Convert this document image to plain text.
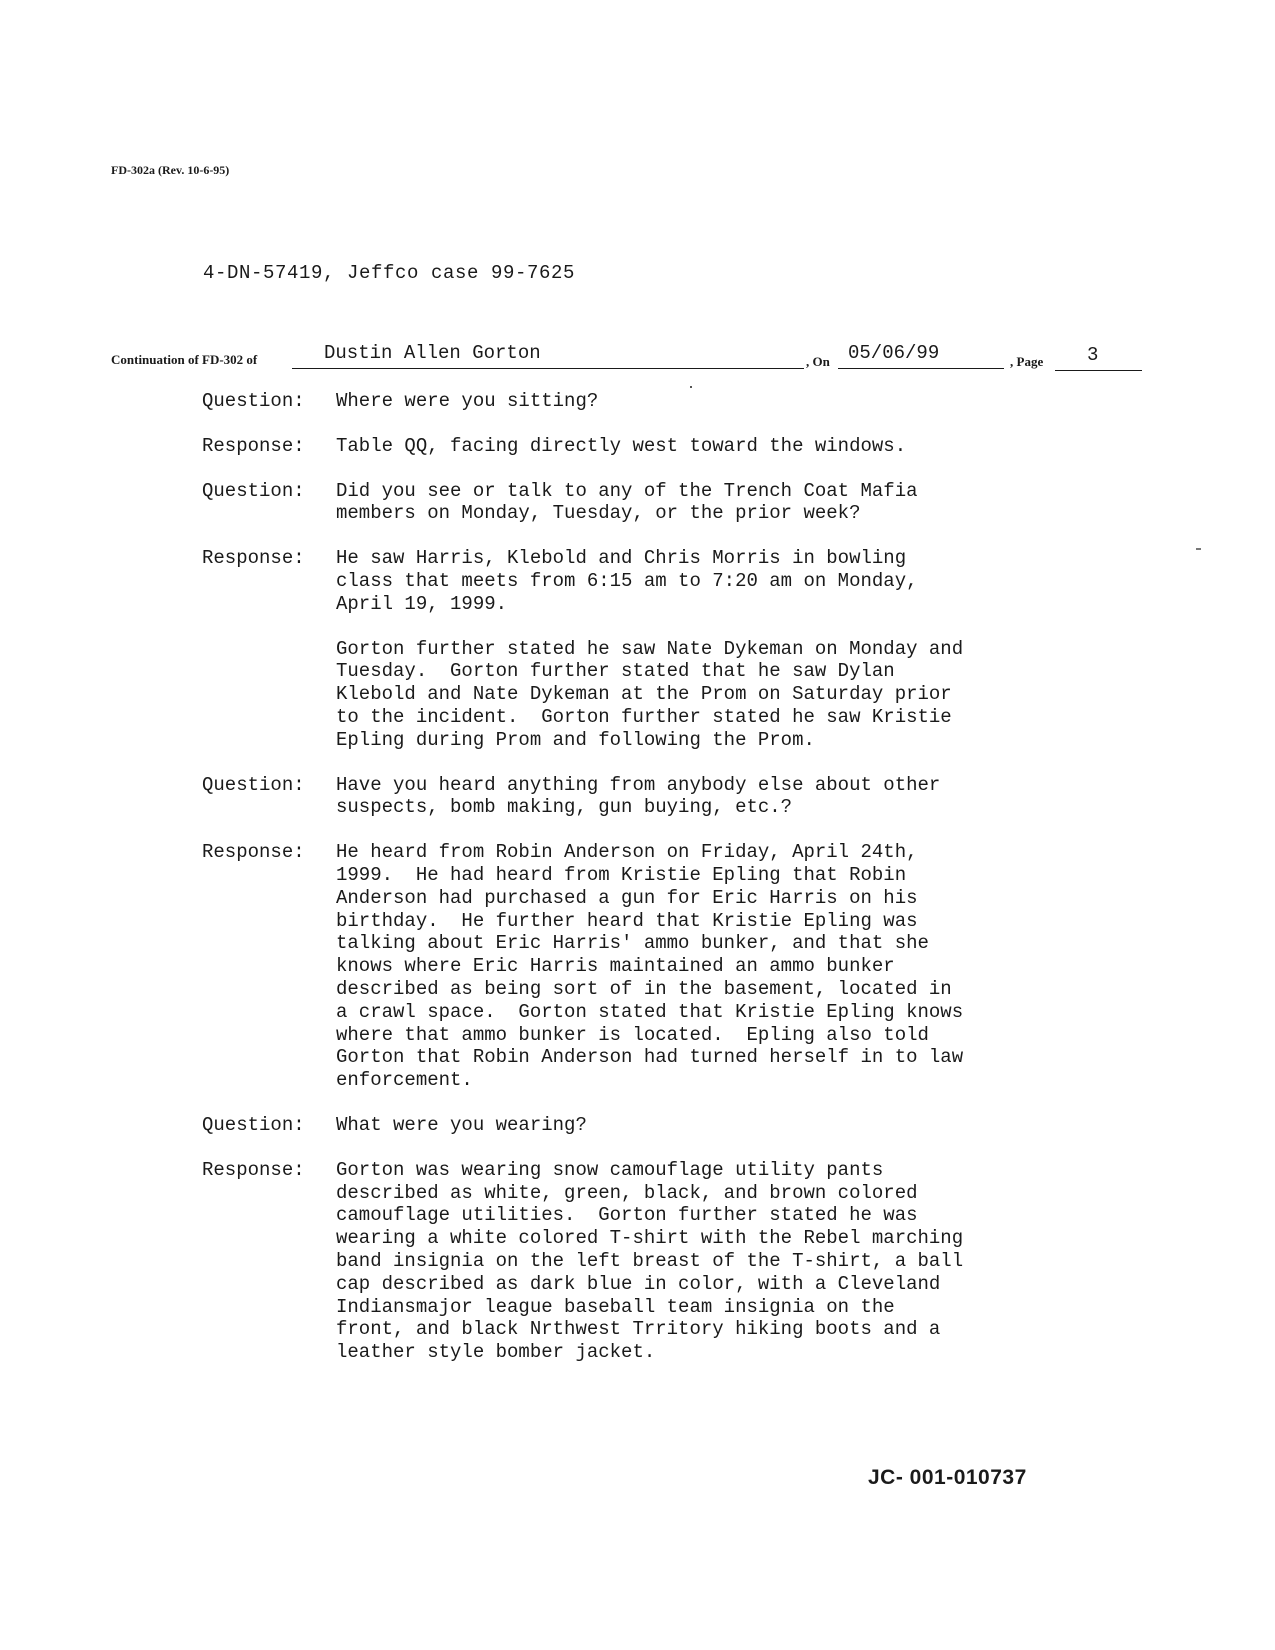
FD-302a (Rev. 10-6-95)
4-DN-57419, Jeffco case 99-7625
Continuation of FD-302 of	Dustin Allen Gorton	, On 05/06/99	, Page 3
Question:	Where were you sitting?
Response:	Table QQ, facing directly west toward the windows.
Question:	Did you see or talk to any of the Trench Coat Mafia
members on Monday, Tuesday, or the prior week?
Response:	He saw Harris, Klebold and Chris Morris in bowling
class that meets from 6:15 am to 7:20 am on Monday,
April 19, 1999.
Gorton further stated he saw Nate Dykeman on Monday and
Tuesday.  Gorton further stated that he saw Dylan
Klebold and Nate Dykeman at the Prom on Saturday prior
to the incident.  Gorton further stated he saw Kristie
Epling during Prom and following the Prom.
Question:	Have you heard anything from anybody else about other
suspects, bomb making, gun buying, etc.?
Response:	He heard from Robin Anderson on Friday, April 24th,
1999.  He had heard from Kristie Epling that Robin
Anderson had purchased a gun for Eric Harris on his
birthday.  He further heard that Kristie Epling was
talking about Eric Harris' ammo bunker, and that she
knows where Eric Harris maintained an ammo bunker
described as being sort of in the basement, located in
a crawl space.  Gorton stated that Kristie Epling knows
where that ammo bunker is located.  Epling also told
Gorton that Robin Anderson had turned herself in to law
enforcement.
Question:	What were you wearing?
Response:	Gorton was wearing snow camouflage utility pants
described as white, green, black, and brown colored
camouflage utilities.  Gorton further stated he was
wearing a white colored T-shirt with the Rebel marching
band insignia on the left breast of the T-shirt, a ball
cap described as dark blue in color, with a Cleveland
Indiansmajor league baseball team insignia on the
front, and black Nrthwest Trritory hiking boots and a
leather style bomber jacket.
JC- 001-010737
